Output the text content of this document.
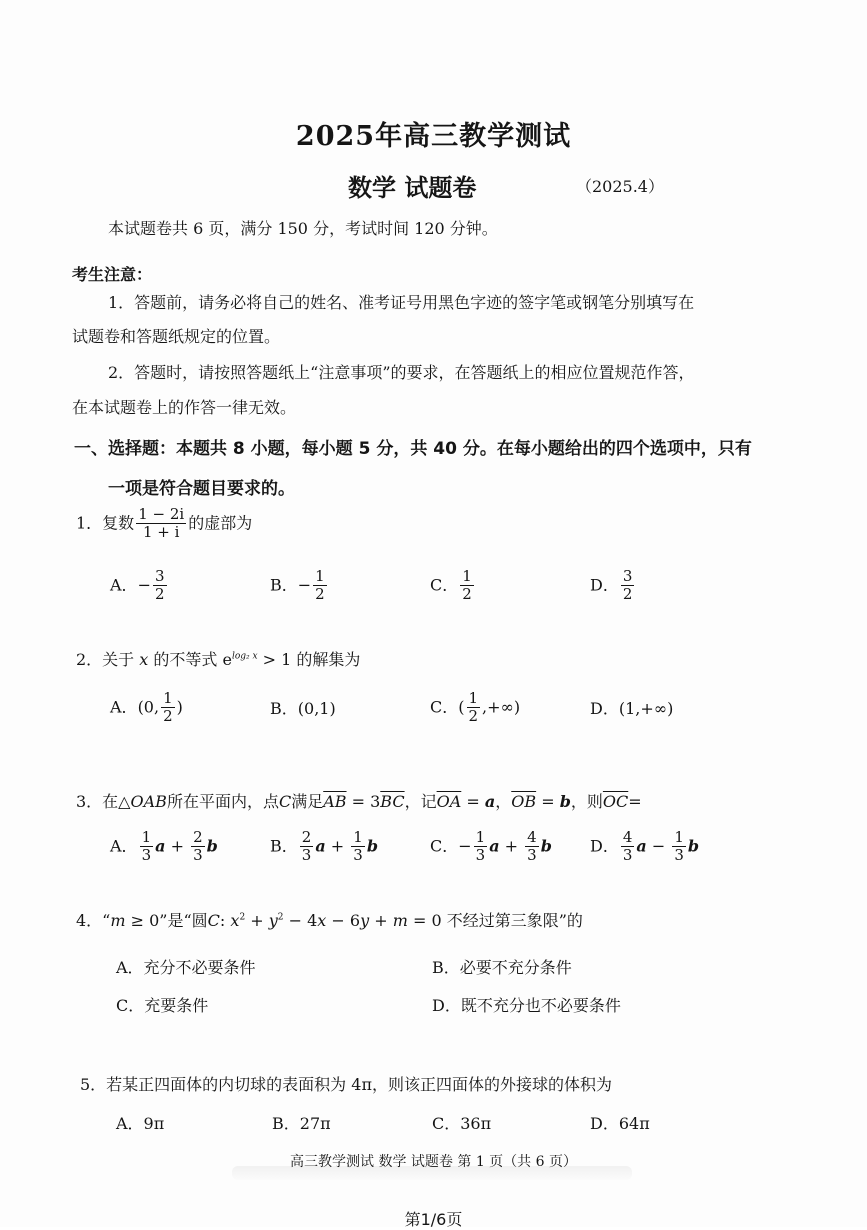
2025年高三教学测试
数学 试题卷	（2025.4）
本试题卷共 6 页，满分 150 分，考试时间 120 分钟。
考生注意：
1．答题前，请务必将自己的姓名、准考证号用黑色字迹的签字笔或钢笔分别填写在
试题卷和答题纸规定的位置。
2．答题时，请按照答题纸上“注意事项”的要求，在答题纸上的相应位置规范作答，
在本试题卷上的作答一律无效。
一、选择题：本题共 8 小题，每小题 5 分，共 40 分。在每小题给出的四个选项中，只有
一项是符合题目要求的。
1．复数 $\frac{1 - 2i}{1 + i}$ 的虚部为
A．− $\frac{3}{2}$	B．− $\frac{1}{2}$	C． $\frac{1}{2}$	D． $\frac{3}{2}$
2．关于 x 的不等式 $e^{log_2 x} > 1$ 的解集为
A．(0, $\frac{1}{2}$ )	B．(0,1)	C．( $\frac{1}{2}$ ,+∞)	D．(1,+∞)
3．在△OAB所在平面内，点C满足$\overline{AB} = 3\overline{BC}$，记$\overline{OA} = a$，$\overline{OB} = b$，则$\overline{OC}=$
A． $\frac{1}{3}$ $a + \frac{2}{3}$ b	B． $\frac{2}{3}$ $a + \frac{1}{3}$ b	C．− $\frac{1}{3}$ $a + \frac{4}{3}$ b D． $\frac{4}{3}$ $a - \frac{1}{3}$ b
4．“m ≥ 0”是“圆C: $x^2 + y^2 - 4x - 6y + m = 0$ 不经过第三象限”的
A．充分不必要条件	B．必要不充分条件
C．充要条件	D．既不充分也不必要条件
5．若某正四面体的内切球的表面积为 4π，则该正四面体的外接球的体积为
A．9π	B．27π	C．36π	D．64π
高三教学测试 数学 试题卷 第 1 页（共 6 页）
第1/6页
